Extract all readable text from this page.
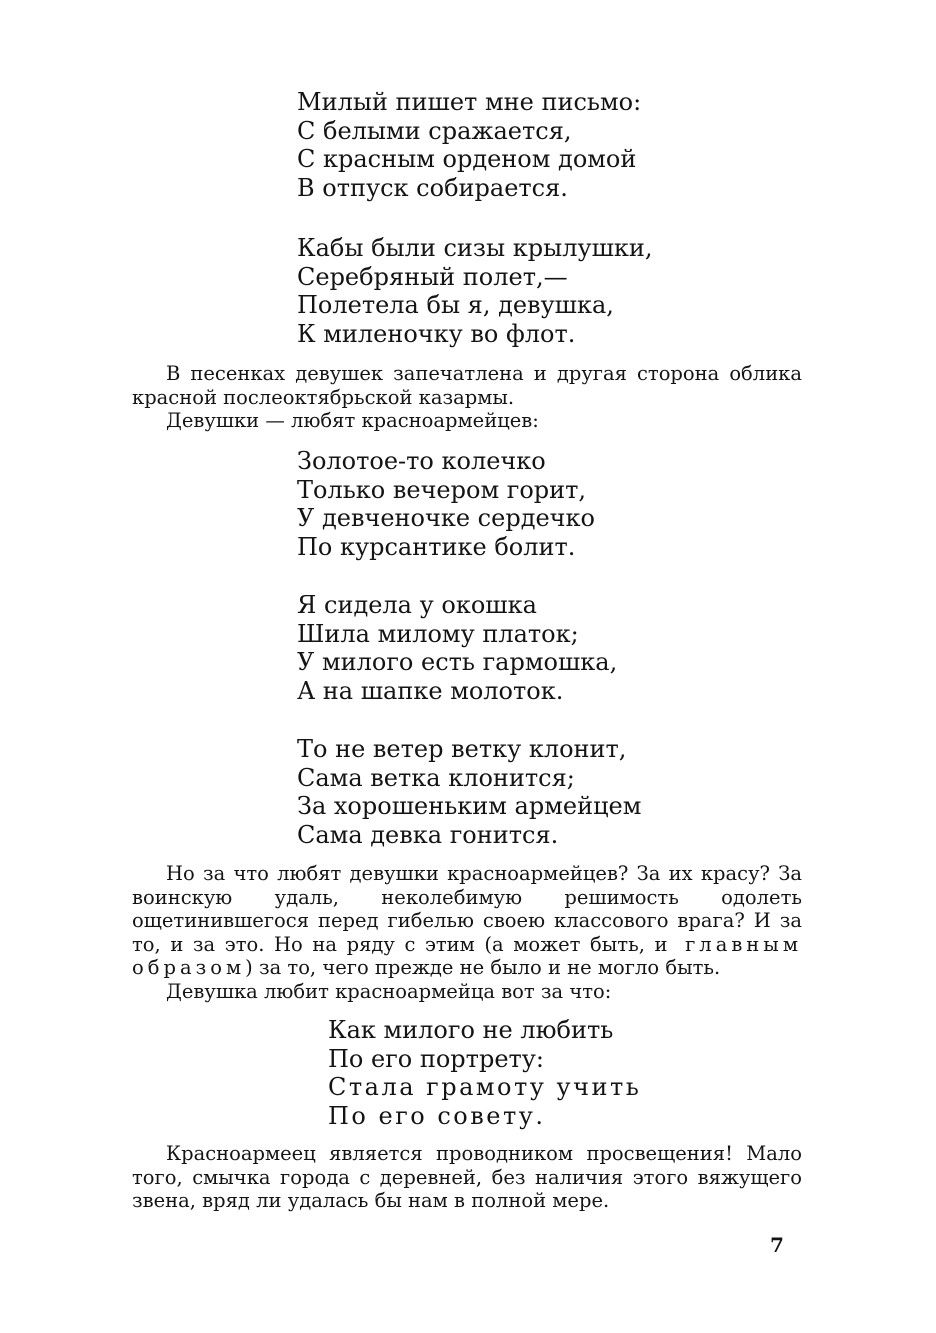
Милый пишет мне письмо:
С белыми сражается,
С красным орденом домой
В отпуск собирается.
Кабы были сизы крылушки,
Серебряный полет,—
Полетела бы я, девушка,
К миленочку во флот.

В песенках девушек запечатлена и другая сторона облика красной послеоктябрьской казармы.

Девушки — любят красноармейцев:

Золотое-то колечко
Только вечером горит,
У девченочке сердечко
По курсантике болит.
Я сидела у окошка
Шила милому платок;
У милого есть гармошка,
А на шапке молоток.
То не ветер ветку клонит,
Сама ветка клонится;
За хорошеньким армейцем
Сама девка гонится.

Но за что любят девушки красноармейцев? За их красу? За воинскую удаль, неколебимую решимость одолеть ощетинившегося перед гибелью своею классового врага? И за то, и за это. Но на ряду с этим (а может быть, и главным образом) за то, чего прежде не было и не могло быть.

Девушка любит красноармейца вот за что:

Как милого не любить
По его портрету:
Стала грамоту учить
По его совету.

Красноармеец является проводником просвещения! Мало того, смычка города с деревней, без наличия этого вяжущего звена, вряд ли удалась бы нам в полной мере.

7
